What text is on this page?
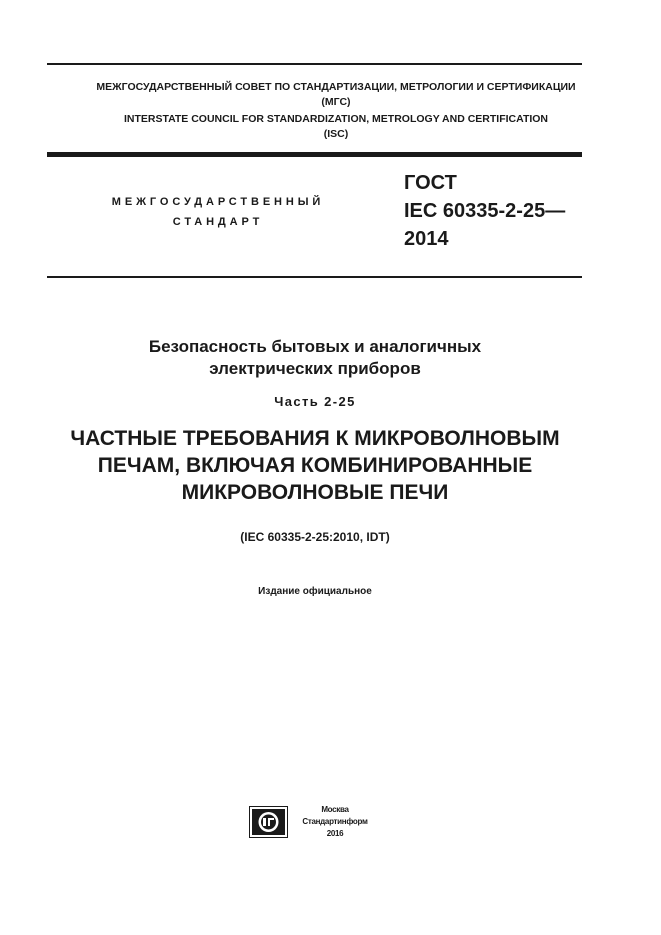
МЕЖГОСУДАРСТВЕННЫЙ СОВЕТ ПО СТАНДАРТИЗАЦИИ, МЕТРОЛОГИИ И СЕРТИФИКАЦИИ
(МГС)
INTERSTATE COUNCIL FOR STANDARDIZATION, METROLOGY AND CERTIFICATION
(ISC)
МЕЖГОСУДАРСТВЕННЫЙ
СТАНДАРТ
ГОСТ
IEC 60335-2-25—
2014
Безопасность бытовых и аналогичных
электрических приборов
Часть 2-25
ЧАСТНЫЕ ТРЕБОВАНИЯ К МИКРОВОЛНОВЫМ
ПЕЧАМ, ВКЛЮЧАЯ КОМБИНИРОВАННЫЕ
МИКРОВОЛНОВЫЕ ПЕЧИ
(IEC 60335-2-25:2010, IDT)
Издание официальное
Москва
Стандартинформ
2016
